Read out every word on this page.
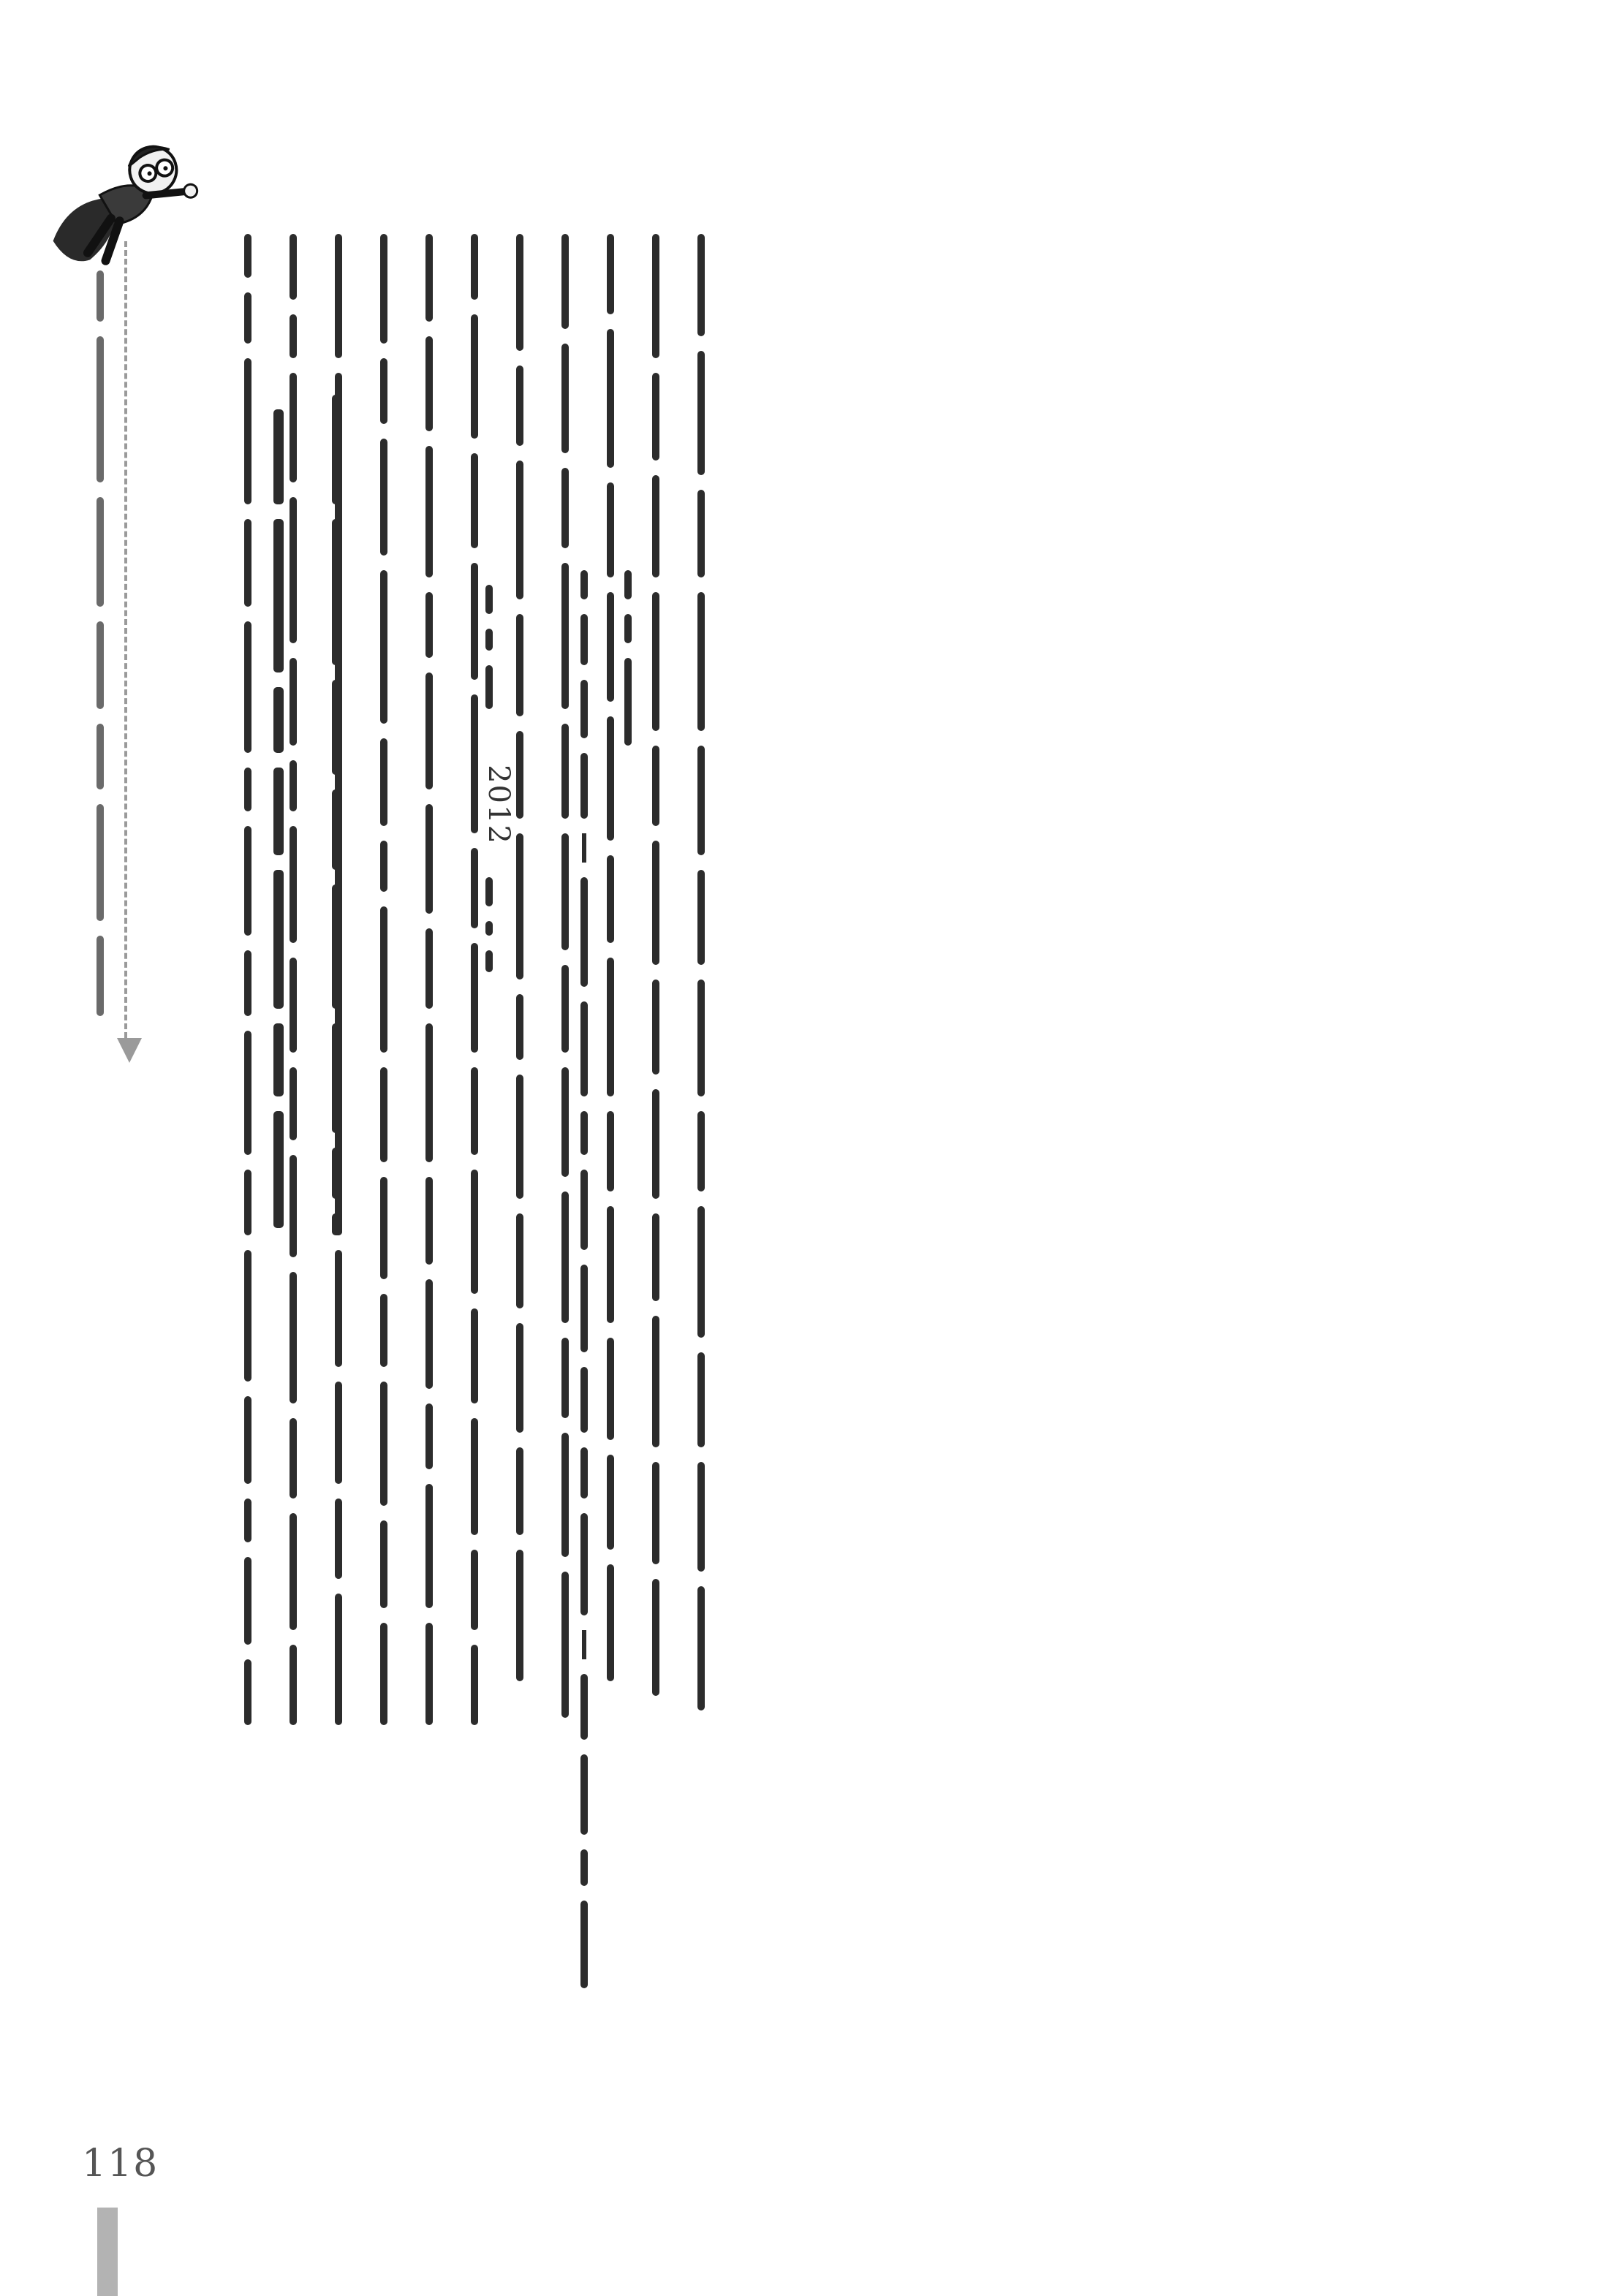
2012
118
